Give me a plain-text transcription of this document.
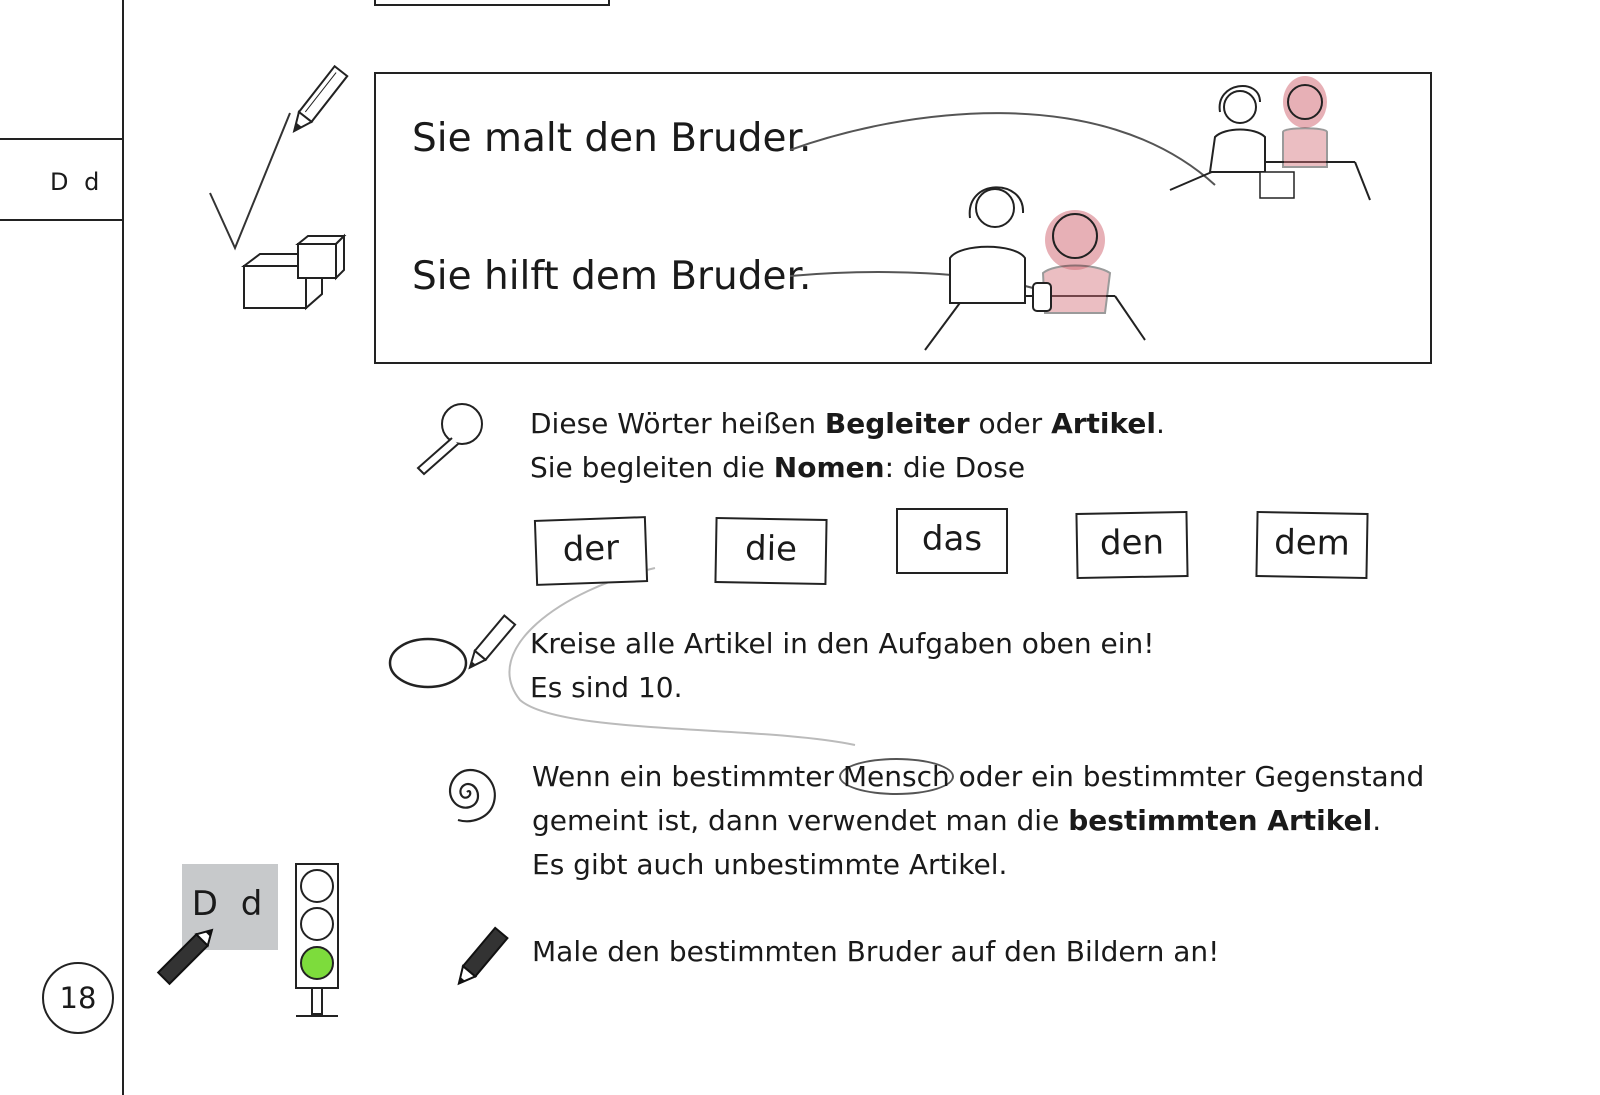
D d
Sie malt den Bruder.
Sie hilft dem Bruder.
Diese Wörter heißen Begleiter oder Artikel.
Sie begleiten die Nomen: die Dose
der	die	das	den	dem
Kreise alle Artikel in den Aufgaben oben ein!
Es sind 10.
Wenn ein bestimmter Mensch oder ein bestimmter Gegenstand
gemeint ist, dann verwendet man die bestimmten Artikel.
Es gibt auch unbestimmte Artikel.
D d
Male den bestimmten Bruder auf den Bildern an!
18
